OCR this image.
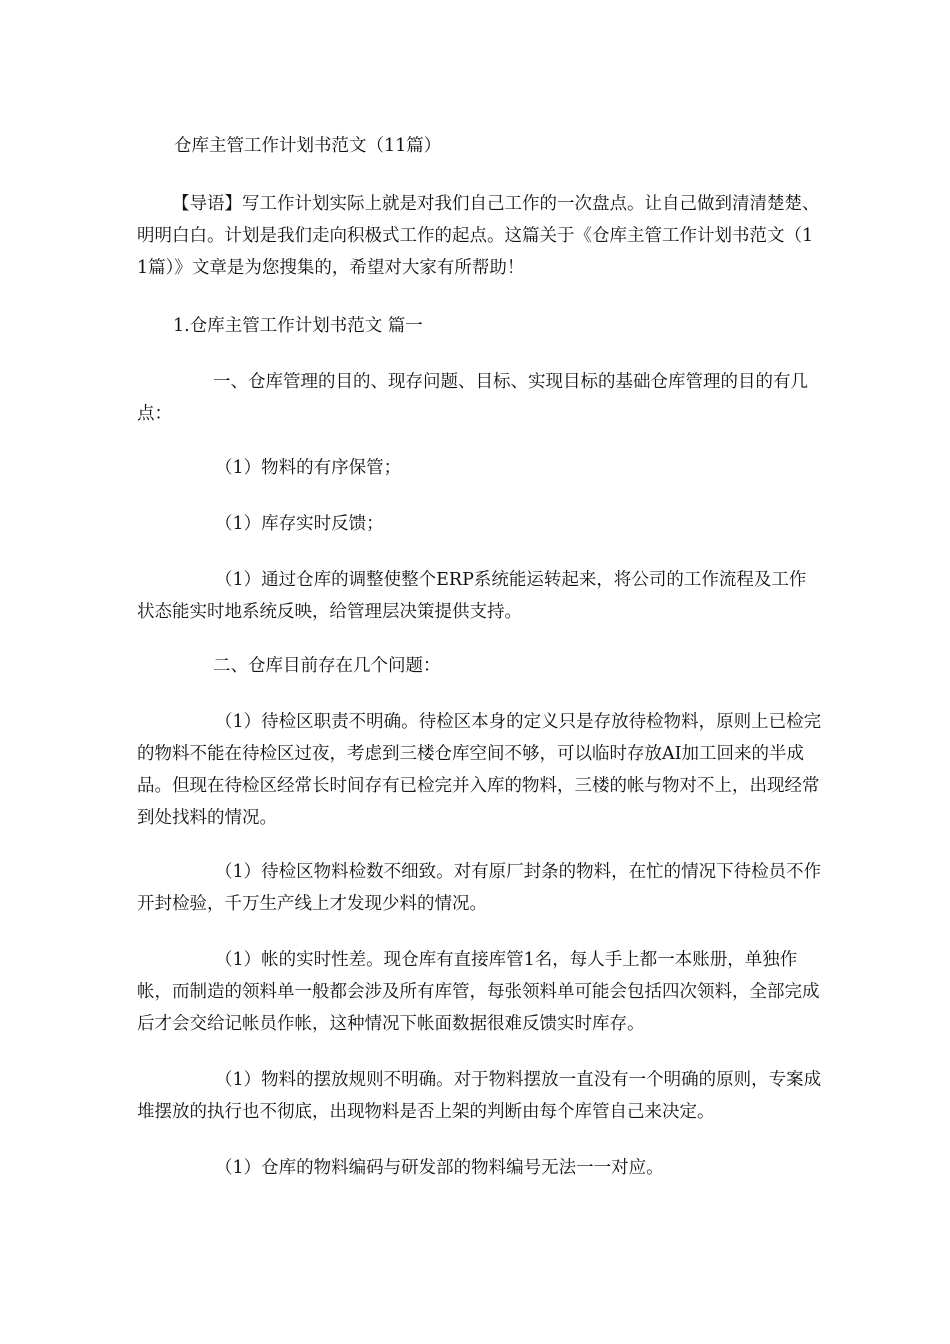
仓库主管工作计划书范文（11篇）

【导语】写工作计划实际上就是对我们自己工作的一次盘点。让自己做到清清楚楚、明明白白。计划是我们走向积极式工作的起点。这篇关于《仓库主管工作计划书范文（11篇）》文章是为您搜集的，希望对大家有所帮助！

1.仓库主管工作计划书范文 篇一

一、仓库管理的目的、现存问题、目标、实现目标的基础仓库管理的目的有几点：

（1）物料的有序保管；

（1）库存实时反馈；

（1）通过仓库的调整使整个ERP系统能运转起来，将公司的工作流程及工作状态能实时地系统反映，给管理层决策提供支持。

二、仓库目前存在几个问题：

（1）待检区职责不明确。待检区本身的定义只是存放待检物料，原则上已检完的物料不能在待检区过夜，考虑到三楼仓库空间不够，可以临时存放AI加工回来的半成品。但现在待检区经常长时间存有已检完并入库的物料，三楼的帐与物对不上，出现经常到处找料的情况。

（1）待检区物料检数不细致。对有原厂封条的物料，在忙的情况下待检员不作开封检验，千万生产线上才发现少料的情况。

（1）帐的实时性差。现仓库有直接库管1名，每人手上都一本账册，单独作帐，而制造的领料单一般都会涉及所有库管，每张领料单可能会包括四次领料，全部完成后才会交给记帐员作帐，这种情况下帐面数据很难反馈实时库存。

（1）物料的摆放规则不明确。对于物料摆放一直没有一个明确的原则，专案成堆摆放的执行也不彻底，出现物料是否上架的判断由每个库管自己来决定。

（1）仓库的物料编码与研发部的物料编号无法一一对应。
